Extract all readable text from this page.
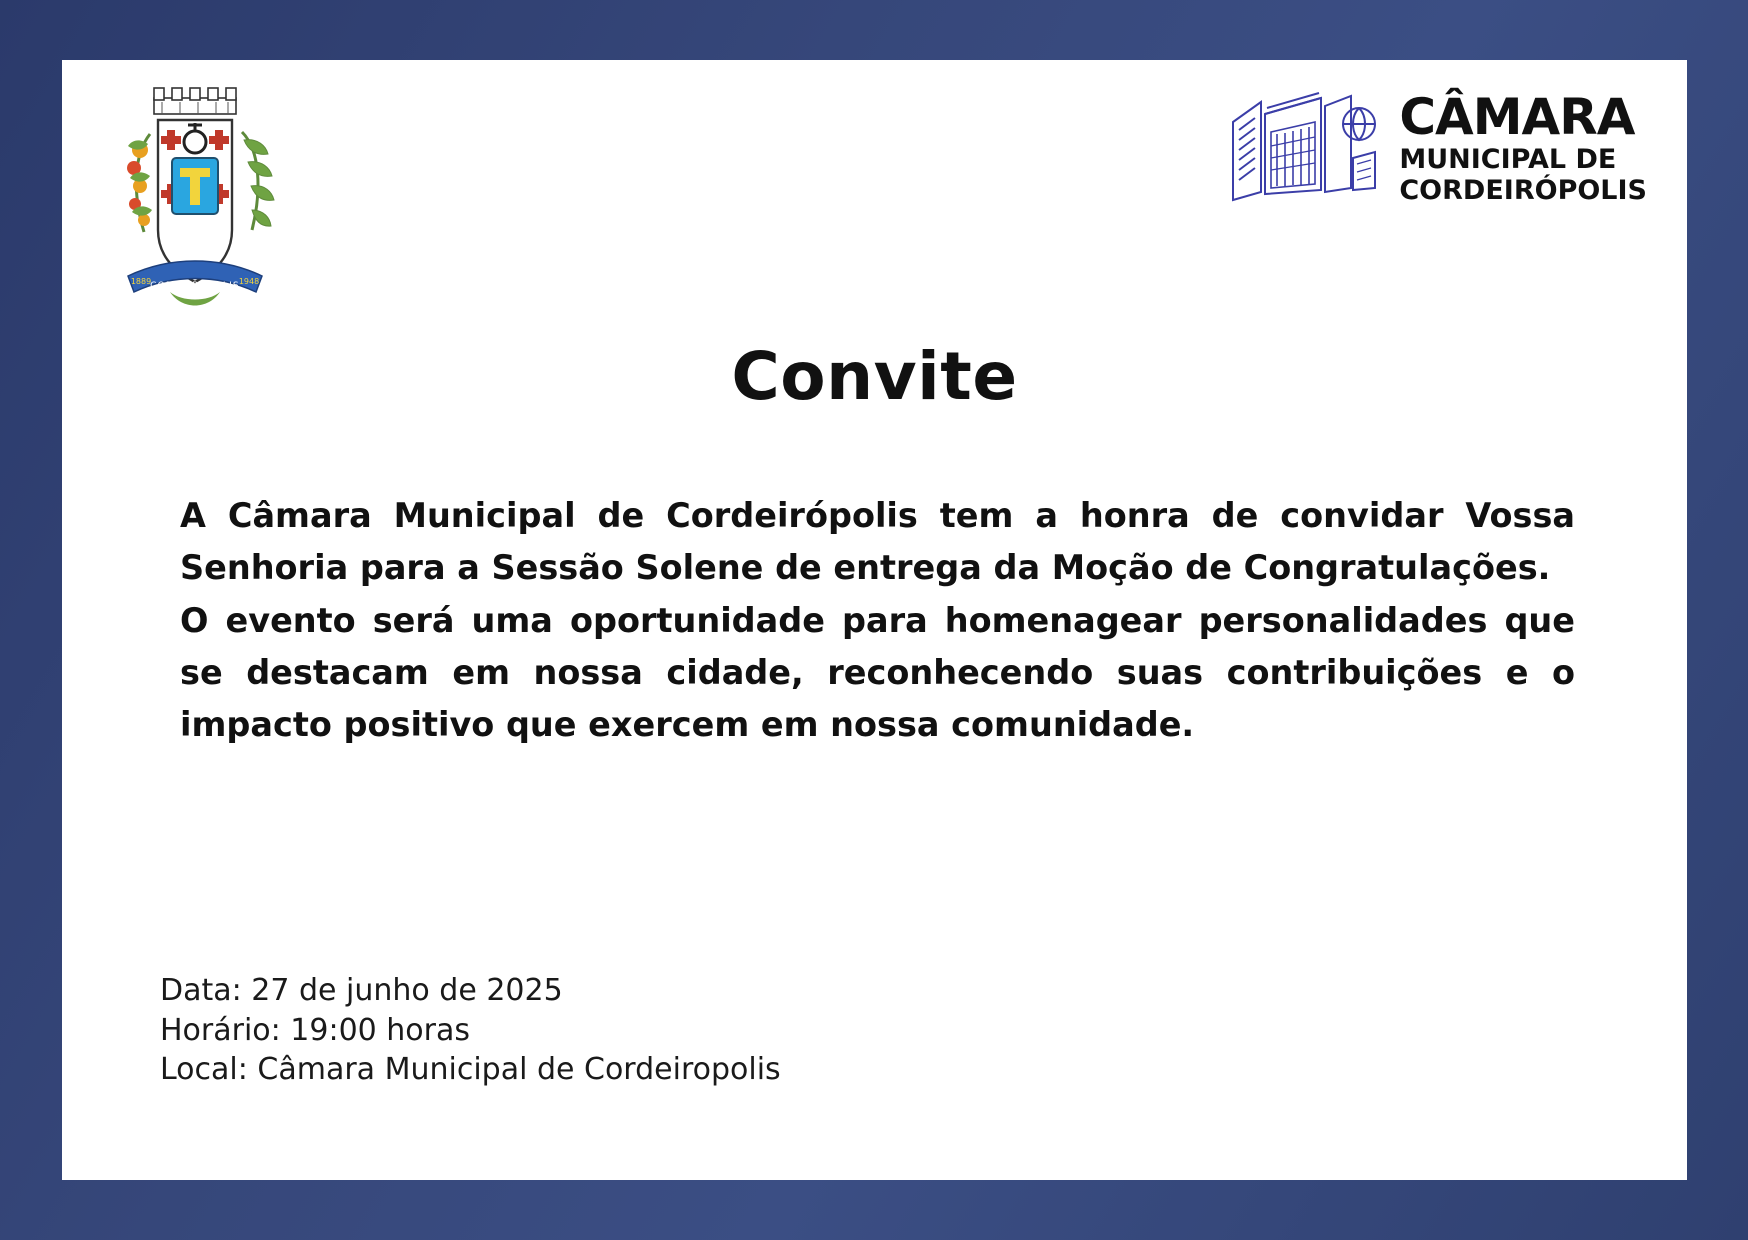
CORDEIROPOLIS
1889	1948
CÂMARA
MUNICIPAL DE
CORDEIRÓPOLIS
Convite

A Câmara Municipal de Cordeirópolis tem a honra de convidar Vossa Senhoria para a Sessão Solene de entrega da Moção de Congratulações.

O evento será uma oportunidade para homenagear personalidades que se destacam em nossa cidade, reconhecendo suas contribuições e o impacto positivo que exercem em nossa comunidade.

Data: 27 de junho de 2025
Horário: 19:00 horas
Local: Câmara Municipal de Cordeiropolis
